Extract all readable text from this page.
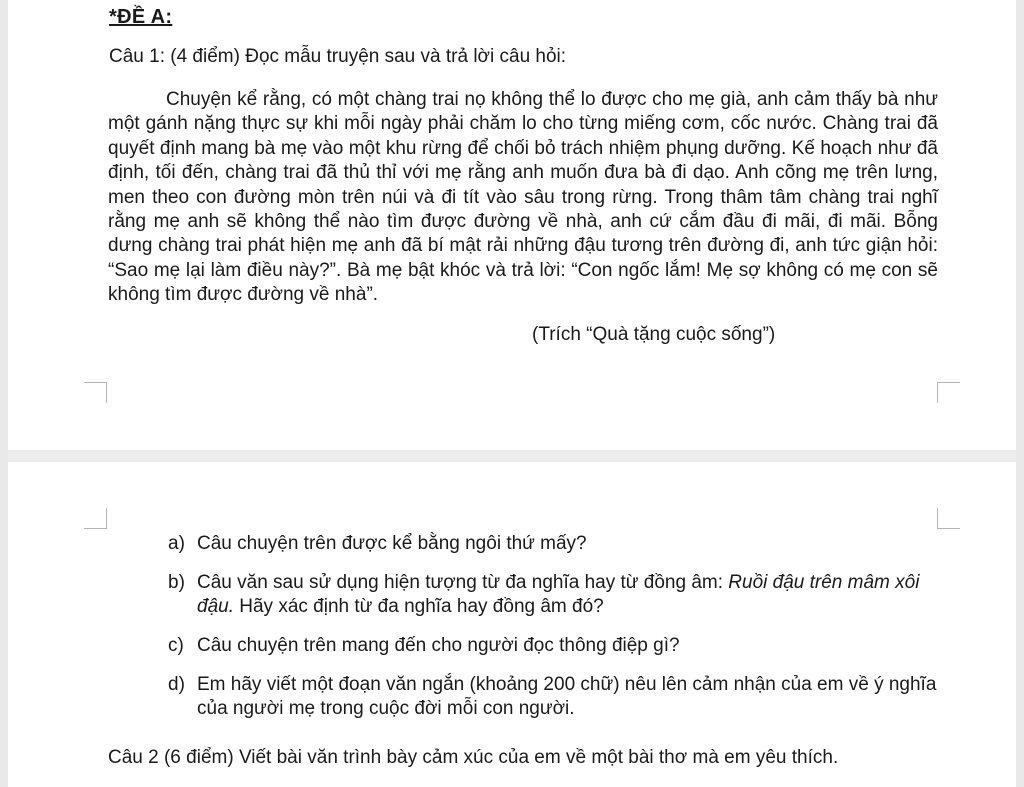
*ĐỀ A:
Câu 1: (4 điểm) Đọc mẫu truyện sau và trả lời câu hỏi:

Chuyện kể rằng, có một chàng trai nọ không thể lo được cho mẹ già, anh cảm thấy bà như một gánh nặng thực sự khi mỗi ngày phải chăm lo cho từng miếng cơm, cốc nước. Chàng trai đã quyết định mang bà mẹ vào một khu rừng để chối bỏ trách nhiệm phụng dưỡng. Kế hoạch như đã định, tối đến, chàng trai đã thủ thỉ với mẹ rằng anh muốn đưa bà đi dạo. Anh cõng mẹ trên lưng, men theo con đường mòn trên núi và đi tít vào sâu trong rừng. Trong thâm tâm chàng trai nghĩ rằng mẹ anh sẽ không thể nào tìm được đường về nhà, anh cứ cắm đầu đi mãi, đi mãi. Bỗng dưng chàng trai phát hiện mẹ anh đã bí mật rải những đậu tương trên đường đi, anh tức giận hỏi: “Sao mẹ lại làm điều này?”. Bà mẹ bật khóc và trả lời: “Con ngốc lắm! Mẹ sợ không có mẹ con sẽ không tìm được đường về nhà”.

(Trích “Quà tặng cuộc sống”)
a) Câu chuyện trên được kể bằng ngôi thứ mấy?
b) Câu văn sau sử dụng hiện tượng từ đa nghĩa hay từ đồng âm: Ruồi đậu trên mâm xôi đậu. Hãy xác định từ đa nghĩa hay đồng âm đó?
c) Câu chuyện trên mang đến cho người đọc thông điệp gì?
d) Em hãy viết một đoạn văn ngắn (khoảng 200 chữ) nêu lên cảm nhận của em về ý nghĩa của người mẹ trong cuộc đời mỗi con người.
Câu 2 (6 điểm) Viết bài văn trình bày cảm xúc của em về một bài thơ mà em yêu thích.
